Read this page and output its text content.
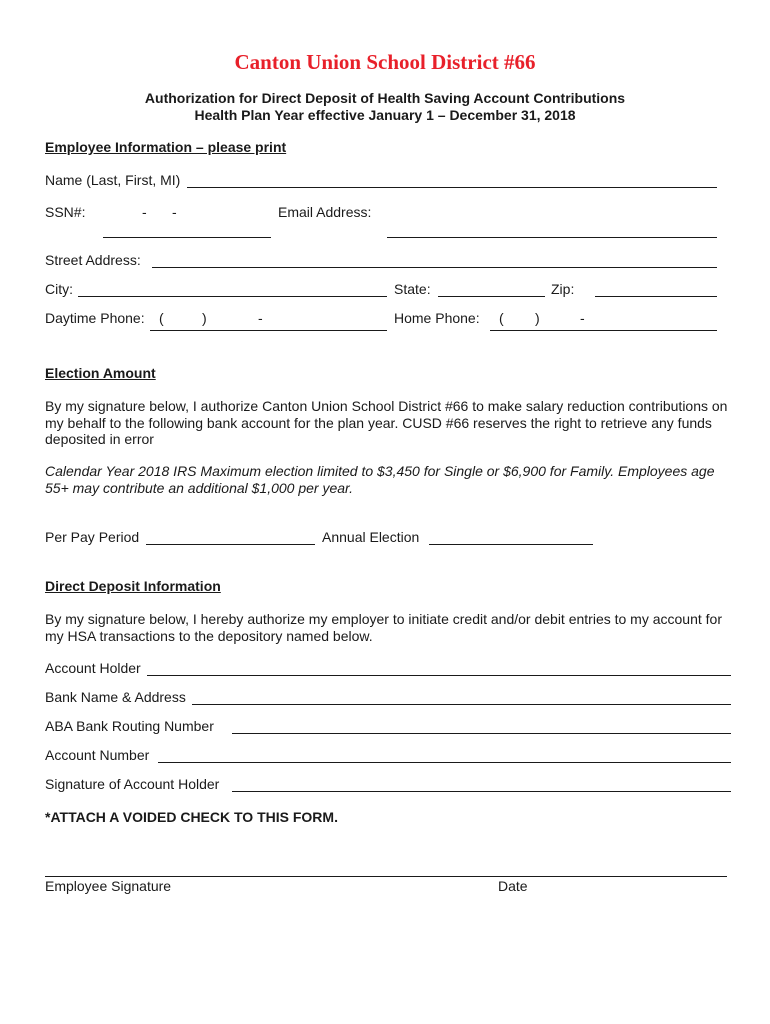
Canton Union School District #66
Authorization for Direct Deposit of Health Saving Account Contributions
Health Plan Year effective January 1 – December 31, 2018
Employee Information – please print
Name (Last, First, MI)
SSN#:	- -	Email Address:
Street Address:
City:	State:	Zip:
Daytime Phone: (	)	-	Home Phone: ( )	-
Election Amount
By my signature below, I authorize Canton Union School District #66 to make salary reduction contributions on my behalf to the following bank account for the plan year. CUSD #66 reserves the right to retrieve any funds deposited in error
Calendar Year 2018 IRS Maximum election limited to $3,450 for Single or $6,900 for Family. Employees age 55+ may contribute an additional $1,000 per year.
Per Pay Period	Annual Election
Direct Deposit Information
By my signature below, I hereby authorize my employer to initiate credit and/or debit entries to my account for my HSA transactions to the depository named below.
Account Holder
Bank Name & Address
ABA Bank Routing Number
Account Number
Signature of Account Holder
*ATTACH A VOIDED CHECK TO THIS FORM.
Employee Signature	Date
